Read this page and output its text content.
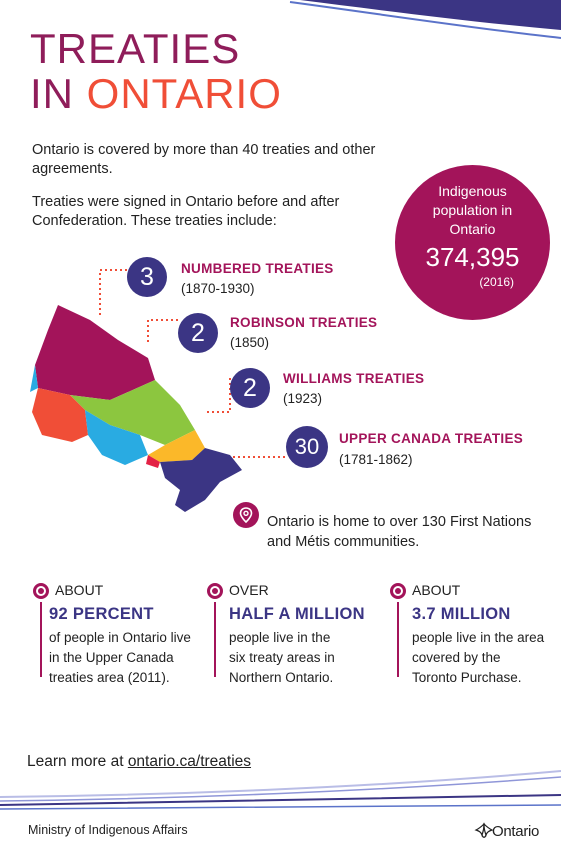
TREATIES
IN ONTARIO
Ontario is covered by more than 40 treaties and other agreements.
Treaties were signed in Ontario before and after Confederation. These treaties include:
Indigenous population in Ontario
374,395
(2016)
3	NUMBERED TREATIES
(1870-1930)
2	ROBINSON TREATIES
(1850)
2	WILLIAMS TREATIES
(1923)
30	UPPER CANADA TREATIES
(1781-1862)
Ontario is home to over 130 First Nations and Métis communities.
ABOUT
92 PERCENT
of people in Ontario live in the Upper Canada treaties area (2011).
OVER
HALF A MILLION
people live in the six treaty areas in Northern Ontario.
ABOUT
3.7 MILLION
people live in the area covered by the Toronto Purchase.
Learn more at ontario.ca/treaties
Ministry of Indigenous Affairs	Ontario
